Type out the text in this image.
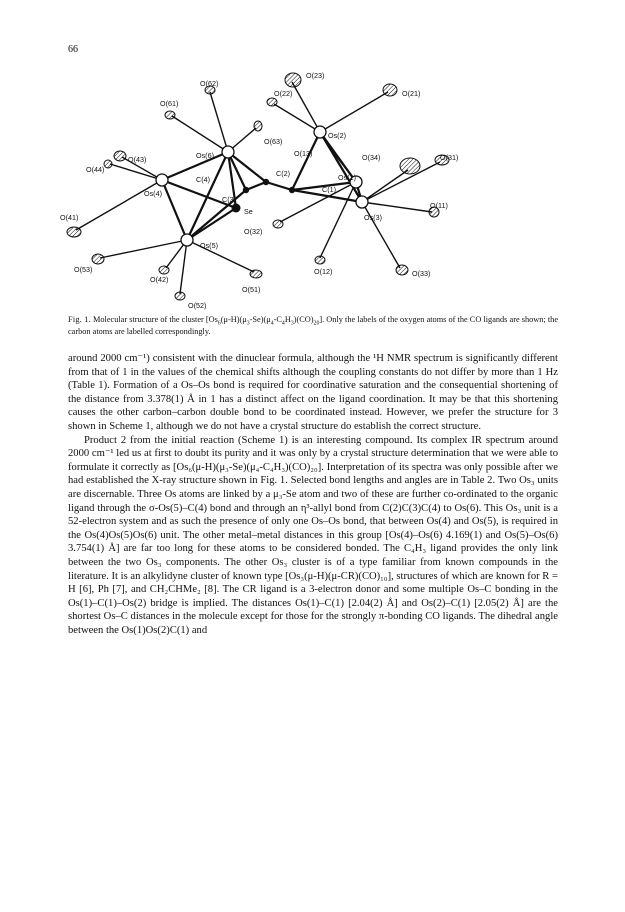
66
O(62)
O(61)
O(43)	Os(6)
O(44)
C(4)
Os(4)
C(3)
Se
O(41)
Os(5)
O(53)
O(42)
O(52)
O(51)
O(23)
O(22)	O(21)
O(63)
Os(2)
O(13)
C(2)
O(34)	O(31)
C(1)
Os(1)
Os(3)
O(11)
O(32)
O(12)	O(33)
Fig. 1. Molecular structure of the cluster $[Os_6(\mu-H)(\mu_3-Se)(\mu_4-C_4H_3)(CO)_{20}]$. Only the labels of the oxygen atoms of the CO ligands are shown; the carbon atoms are labelled correspondingly.

around 2000 cm⁻¹) consistent with the dinuclear formula, although the ¹H NMR spectrum is significantly different from that of 1 in the values of the chemical shifts although the coupling constants do not differ by more than 1 Hz (Table 1). Formation of a Os–Os bond is required for coordinative saturation and the consequential shortening of the distance from 3.378(1) Å in 1 has a distinct affect on the ligand coordination. It may be that this shortening causes the other carbon–carbon double bond to be coordinated instead. However, we prefer the structure for 3 shown in Scheme 1, although we do not have a crystal structure do establish the correct structure.

Product 2 from the initial reaction (Scheme 1) is an interesting compound. Its complex IR spectrum around 2000 cm⁻¹ led us at first to doubt its purity and it was only by a crystal structure determination that we were able to formulate it correctly as [Os₆(μ-H)(μ₃-Se)(μ₄-C₄H₃)(CO)₂₀]. Interpretation of its spectra was only possible after we had established the X-ray structure shown in Fig. 1. Selected bond lengths and angles are in Table 2. Two Os₃ units are discernable. Three Os atoms are linked by a μ₃-Se atom and two of these are further co-ordinated to the organic ligand through the σ-Os(5)–C(4) bond and through an η³-allyl bond from C(2)C(3)C(4) to Os(6). This Os₃ unit is a 52-electron system and as such the presence of only one Os–Os bond, that between Os(4) and Os(5), is required in the Os(4)Os(5)Os(6) unit. The other metal–metal distances in this group [Os(4)–Os(6) 4.169(1) and Os(5)–Os(6) 3.754(1) Å] are far too long for these atoms to be considered bonded. The C₄H₃ ligand provides the only link between the two Os₃ components. The other Os₃ cluster is of a type familiar from known compounds in the literature. It is an alkylidyne cluster of known type [Os₃(μ-H)(μ-CR)(CO)₁₀], structures of which are known for R = H [6], Ph [7], and CH₂CHMe₂ [8]. The CR ligand is a 3-electron donor and some multiple Os–C bonding in the Os(1)–C(1)–Os(2) bridge is implied. The distances Os(1)–C(1) [2.04(2) Å] and Os(2)–C(1) [2.05(2) Å] are the shortest Os–C distances in the molecule except for those for the strongly π-bonding CO ligands. The dihedral angle between the Os(1)Os(2)C(1) and
